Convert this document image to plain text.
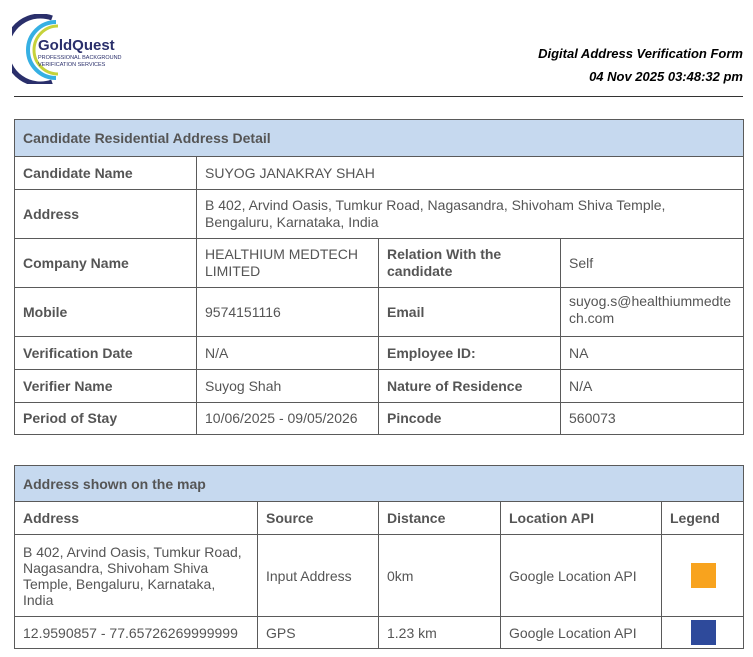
GoldQuest
PROFESSIONAL BACKGROUND
VERIFICATION SERVICES
Digital Address Verification Form
04 Nov 2025 03:48:32 pm
Candidate Residential Address Detail			
Candidate Name	SUYOG JANAKRAY SHAH		
Address	B 402, Arvind Oasis, Tumkur Road, Nagasandra, Shivoham Shiva Temple, Bengaluru, Karnataka, India		
Company Name	HEALTHIUM MEDTECH LIMITED	Relation With the candidate	Self
Mobile	9574151116	Email	suyog.s@healthiummedtech.com
Verification Date	N/A	Employee ID:	NA
Verifier Name	Suyog Shah	Nature of Residence	N/A
Period of Stay	10/06/2025 - 09/05/2026	Pincode	560073
Address shown on the map				
Address	Source	Distance	Location API	Legend
B 402, Arvind Oasis, Tumkur Road, Nagasandra, Shivoham Shiva Temple, Bengaluru, Karnataka, India	Input Address	0km	Google Location API	
12.9590857 - 77.65726269999999	GPS	1.23 km	Google Location API	
